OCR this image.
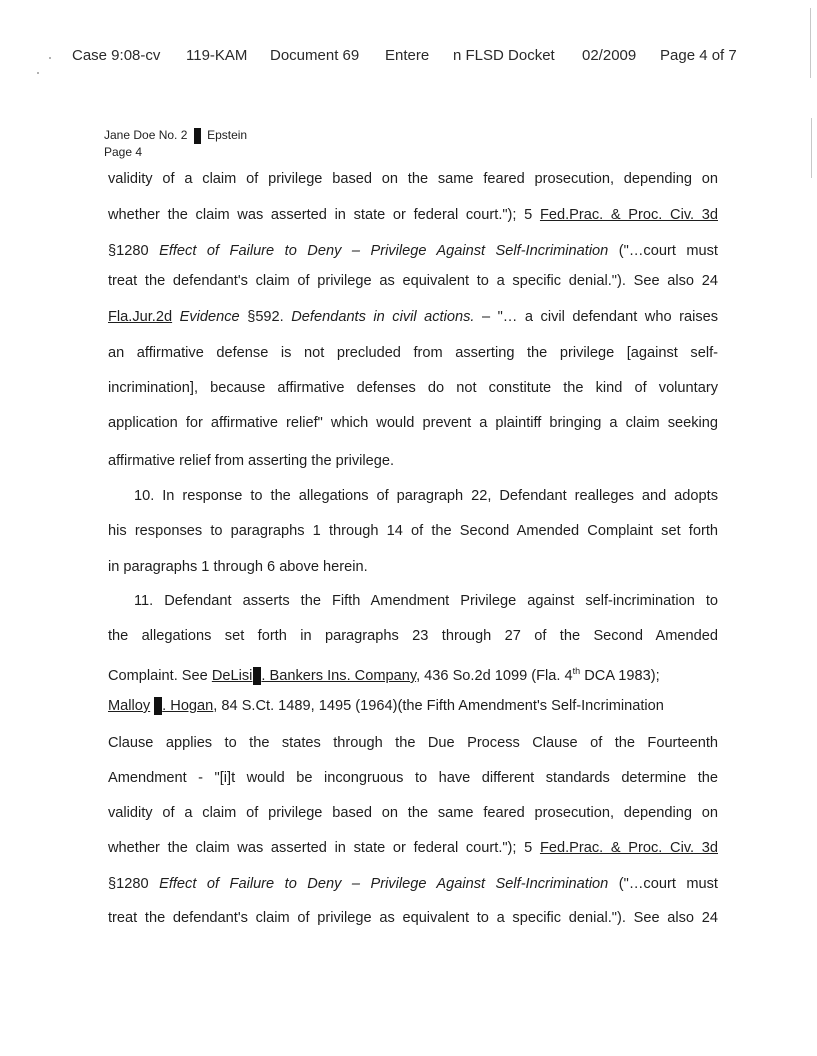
Case 9:08-cv 119-KAM Document 69 Entere n FLSD Docket 02/2009 Page 4 of 7
Jane Doe No. 2 Epstein
Page 4
validity of a claim of privilege based on the same feared prosecution, depending on
whether the claim was asserted in state or federal court."); 5 Fed.Prac. & Proc. Civ. 3d
§1280 Effect of Failure to Deny – Privilege Against Self-Incrimination ("…court must
treat the defendant's claim of privilege as equivalent to a specific denial."). See also 24
Fla.Jur.2d Evidence §592. Defendants in civil actions. – "… a civil defendant who raises
an affirmative defense is not precluded from asserting the privilege [against self-
incrimination], because affirmative defenses do not constitute the kind of voluntary
application for affirmative relief" which would prevent a plaintiff bringing a claim seeking
affirmative relief from asserting the privilege.
10. In response to the allegations of paragraph 22, Defendant realleges and adopts
his responses to paragraphs 1 through 14 of the Second Amended Complaint set forth
in paragraphs 1 through 6 above herein.
11. Defendant asserts the Fifth Amendment Privilege against self-incrimination to
the allegations set forth in paragraphs 23 through 27 of the Second Amended
Complaint. See DeLisi . Bankers Ins. Company, 436 So.2d 1099 (Fla. 4th DCA 1983);
Malloy . Hogan, 84 S.Ct. 1489, 1495 (1964)(the Fifth Amendment's Self-Incrimination
Clause applies to the states through the Due Process Clause of the Fourteenth
Amendment - "[i]t would be incongruous to have different standards determine the
validity of a claim of privilege based on the same feared prosecution, depending on
whether the claim was asserted in state or federal court."); 5 Fed.Prac. & Proc. Civ. 3d
§1280 Effect of Failure to Deny – Privilege Against Self-Incrimination ("…court must
treat the defendant's claim of privilege as equivalent to a specific denial."). See also 24
